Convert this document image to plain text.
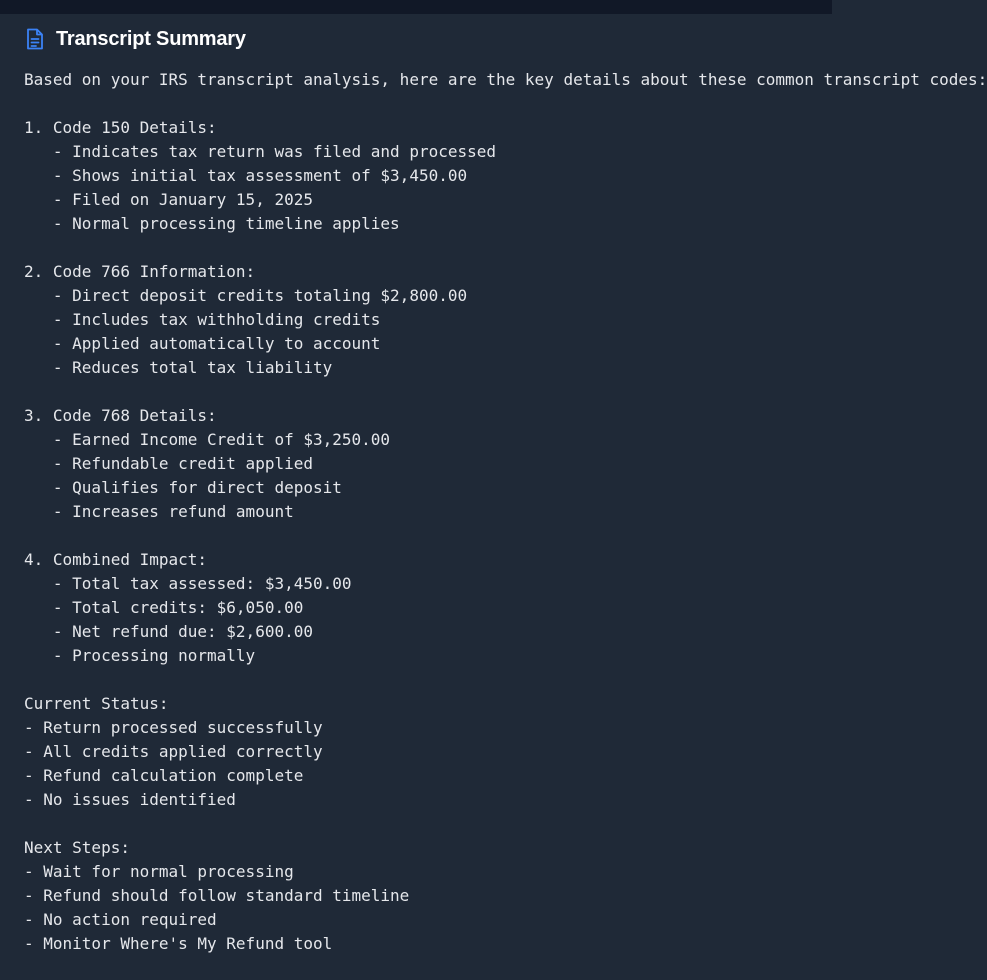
Transcript Summary
Based on your IRS transcript analysis, here are the key details about these common transcript codes:

1. Code 150 Details:
- Indicates tax return was filed and processed
- Shows initial tax assessment of $3,450.00
- Filed on January 15, 2025
- Normal processing timeline applies

2. Code 766 Information:
- Direct deposit credits totaling $2,800.00
- Includes tax withholding credits
- Applied automatically to account
- Reduces total tax liability

3. Code 768 Details:
- Earned Income Credit of $3,250.00
- Refundable credit applied
- Qualifies for direct deposit
- Increases refund amount

4. Combined Impact:
- Total tax assessed: $3,450.00
- Total credits: $6,050.00
- Net refund due: $2,600.00
- Processing normally

Current Status:
- Return processed successfully
- All credits applied correctly
- Refund calculation complete
- No issues identified

Next Steps:
- Wait for normal processing
- Refund should follow standard timeline
- No action required
- Monitor Where's My Refund tool
